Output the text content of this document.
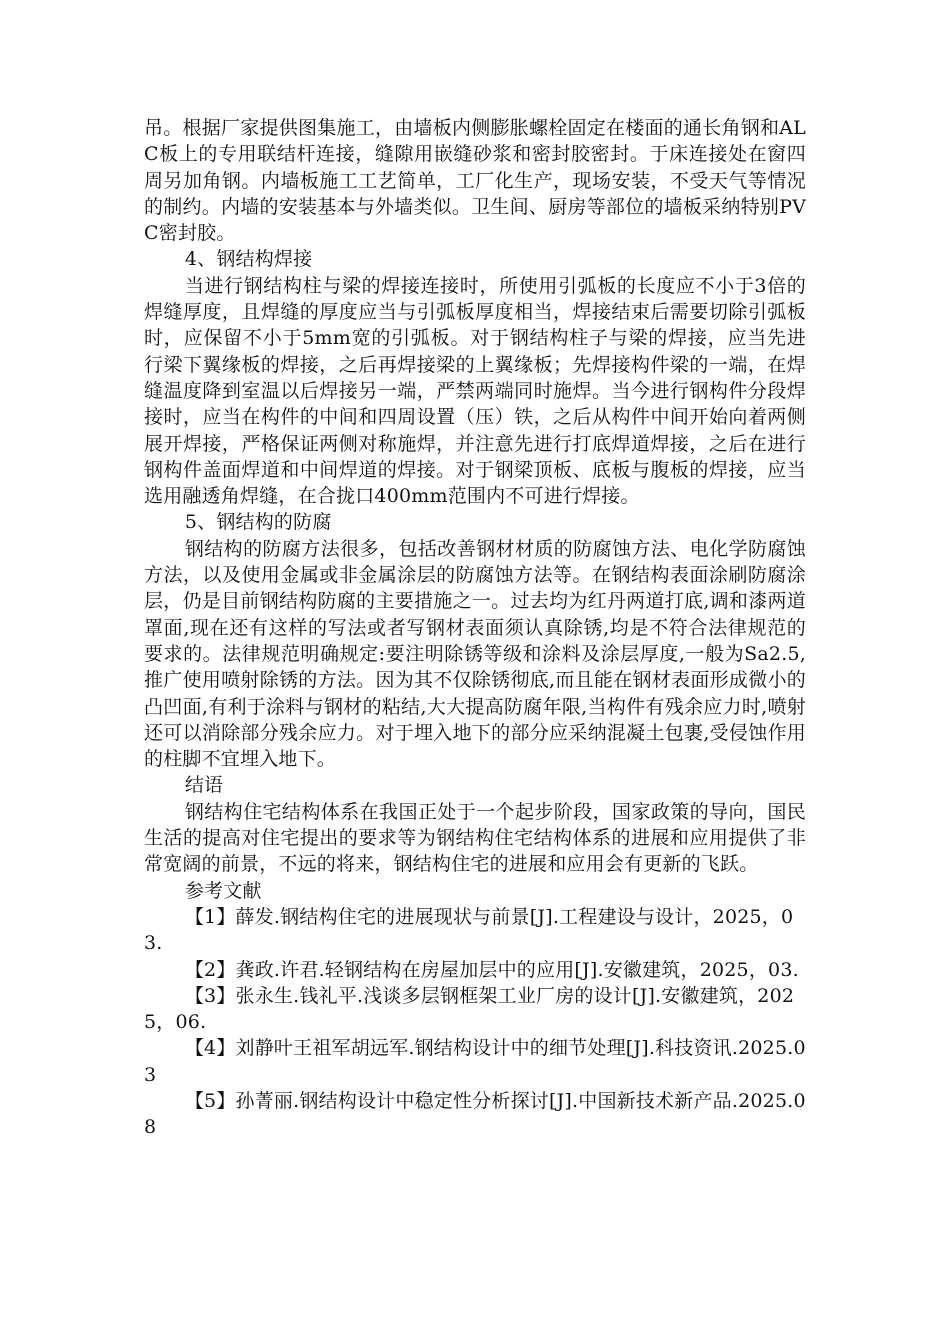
吊。根据厂家提供图集施工，由墙板内侧膨胀螺栓固定在楼面的通长角钢和ALC板上的专用联结杆连接，缝隙用嵌缝砂浆和密封胶密封。于床连接处在窗四周另加角钢。内墙板施工工艺简单，工厂化生产，现场安装，不受天气等情况的制约。内墙的安装基本与外墙类似。卫生间、厨房等部位的墙板采纳特别PVC密封胶。

4、钢结构焊接

当进行钢结构柱与梁的焊接连接时，所使用引弧板的长度应不小于3倍的焊缝厚度，且焊缝的厚度应当与引弧板厚度相当，焊接结束后需要切除引弧板时，应保留不小于5mm宽的引弧板。对于钢结构柱子与梁的焊接，应当先进行梁下翼缘板的焊接，之后再焊接梁的上翼缘板；先焊接构件梁的一端，在焊缝温度降到室温以后焊接另一端，严禁两端同时施焊。当今进行钢构件分段焊接时，应当在构件的中间和四周设置（压）铁，之后从构件中间开始向着两侧展开焊接，严格保证两侧对称施焊，并注意先进行打底焊道焊接，之后在进行钢构件盖面焊道和中间焊道的焊接。对于钢梁顶板、底板与腹板的焊接，应当选用融透角焊缝，在合拢口400mm范围内不可进行焊接。

5、钢结构的防腐

钢结构的防腐方法很多，包括改善钢材材质的防腐蚀方法、电化学防腐蚀方法，以及使用金属或非金属涂层的防腐蚀方法等。在钢结构表面涂刷防腐涂层，仍是目前钢结构防腐的主要措施之一。过去均为红丹两道打底,调和漆两道罩面,现在还有这样的写法或者写钢材表面须认真除锈,均是不符合法律规范的要求的。法律规范明确规定:要注明除锈等级和涂料及涂层厚度,一般为Sa2.5,推广使用喷射除锈的方法。因为其不仅除锈彻底,而且能在钢材表面形成微小的凸凹面,有利于涂料与钢材的粘结,大大提高防腐年限,当构件有残余应力时,喷射还可以消除部分残余应力。对于埋入地下的部分应采纳混凝土包裹,受侵蚀作用的柱脚不宜埋入地下。

结语

钢结构住宅结构体系在我国正处于一个起步阶段，国家政策的导向，国民生活的提高对住宅提出的要求等为钢结构住宅结构体系的进展和应用提供了非常宽阔的前景，不远的将来，钢结构住宅的进展和应用会有更新的飞跃。

参考文献

【1】薛发.钢结构住宅的进展现状与前景[J].工程建设与设计，2025，03.

【2】龚政.许君.轻钢结构在房屋加层中的应用[J].安徽建筑，2025，03.

【3】张永生.钱礼平.浅谈多层钢框架工业厂房的设计[J].安徽建筑，2025，06.

【4】刘静叶王祖军胡远军.钢结构设计中的细节处理[J].科技资讯.2025.03

【5】孙菁丽.钢结构设计中稳定性分析探讨[J].中国新技术新产品.2025.08
